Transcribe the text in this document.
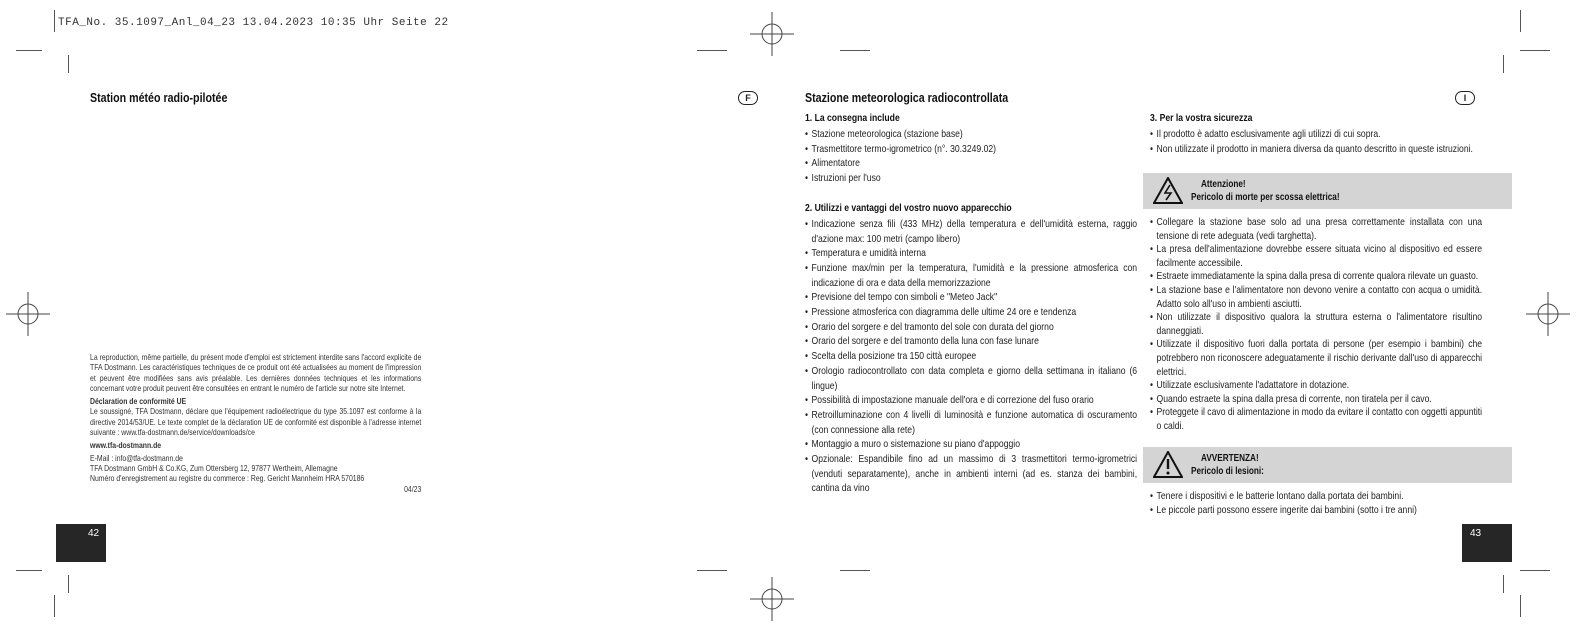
TFA_No. 35.1097_Anl_04_23 13.04.2023 10:35 Uhr Seite 22
Station météo radio-pilotée	F
La reproduction, même partielle, du présent mode d'emploi est strictement interdite sans l'accord explicite de TFA Dostmann. Les caractéristiques techniques de ce produit ont été actualisées au moment de l'impression et peuvent être modifiées sans avis préalable. Les dernières données techniques et les informations concernant votre produit peuvent être consultées en entrant le numéro de l'article sur notre site Internet.
Déclaration de conformité UE
Le soussigné, TFA Dostmann, déclare que l'équipement radioélectrique du type 35.1097 est conforme à la directive 2014/53/UE. Le texte complet de la déclaration UE de conformité est disponible à l'adresse internet suivante : www.tfa-dostmann.de/service/downloads/ce
www.tfa-dostmann.de
E-Mail : info@tfa-dostmann.de
TFA Dostmann GmbH & Co.KG, Zum Ottersberg 12, 97877 Wertheim, Allemagne
Numéro d'enregistrement au registre du commerce : Reg. Gericht Mannheim HRA 570186
04/23
42
Stazione meteorologica radiocontrollata	I
1. La consegna include
• Stazione meteorologica (stazione base)
• Trasmettitore termo-igrometrico (n°. 30.3249.02)
• Alimentatore
• Istruzioni per l'uso
2. Utilizzi e vantaggi del vostro nuovo apparecchio
• Indicazione senza fili (433 MHz) della temperatura e dell'umidità esterna, raggio d'azione max: 100 metri (campo libero)
• Temperatura e umidità interna
• Funzione max/min per la temperatura, l'umidità e la pressione atmosferica con indicazione di ora e data della memorizzazione
• Previsione del tempo con simboli e "Meteo Jack"
• Pressione atmosferica con diagramma delle ultime 24 ore e tendenza
• Orario del sorgere e del tramonto del sole con durata del giorno
• Orario del sorgere e del tramonto della luna con fase lunare
• Scelta della posizione tra 150 città europee
• Orologio radiocontrollato con data completa e giorno della settimana in italiano (6 lingue)
• Possibilità di impostazione manuale dell'ora e di correzione del fuso orario
• Retroilluminazione con 4 livelli di luminosità e funzione automatica di oscuramento (con connessione alla rete)
• Montaggio a muro o sistemazione su piano d'appoggio
• Opzionale: Espandibile fino ad un massimo di 3 trasmettitori termo-igrometrici (venduti separatamente), anche in ambienti interni (ad es. stanza dei bambini, cantina da vino
3. Per la vostra sicurezza
• Il prodotto è adatto esclusivamente agli utilizzi di cui sopra.
• Non utilizzate il prodotto in maniera diversa da quanto descritto in queste istruzioni.
Attenzione!
Pericolo di morte per scossa elettrica!
• Collegare la stazione base solo ad una presa correttamente installata con una tensione di rete adeguata (vedi targhetta).
• La presa dell'alimentazione dovrebbe essere situata vicino al dispositivo ed essere facilmente accessibile.
• Estraete immediatamente la spina dalla presa di corrente qualora rilevate un guasto.
• La stazione base e l'alimentatore non devono venire a contatto con acqua o umidità. Adatto solo all'uso in ambienti asciutti.
• Non utilizzate il dispositivo qualora la struttura esterna o l'alimentatore risultino danneggiati.
• Utilizzate il dispositivo fuori dalla portata di persone (per esempio i bambini) che potrebbero non riconoscere adeguatamente il rischio derivante dall'uso di apparecchi elettrici.
• Utilizzate esclusivamente l'adattatore in dotazione.
• Quando estraete la spina dalla presa di corrente, non tiratela per il cavo.
• Proteggete il cavo di alimentazione in modo da evitare il contatto con oggetti appuntiti o caldi.
AVVERTENZA!
Pericolo di lesioni:
• Tenere i dispositivi e le batterie lontano dalla portata dei bambini.
• Le piccole parti possono essere ingerite dai bambini (sotto i tre anni)
43
